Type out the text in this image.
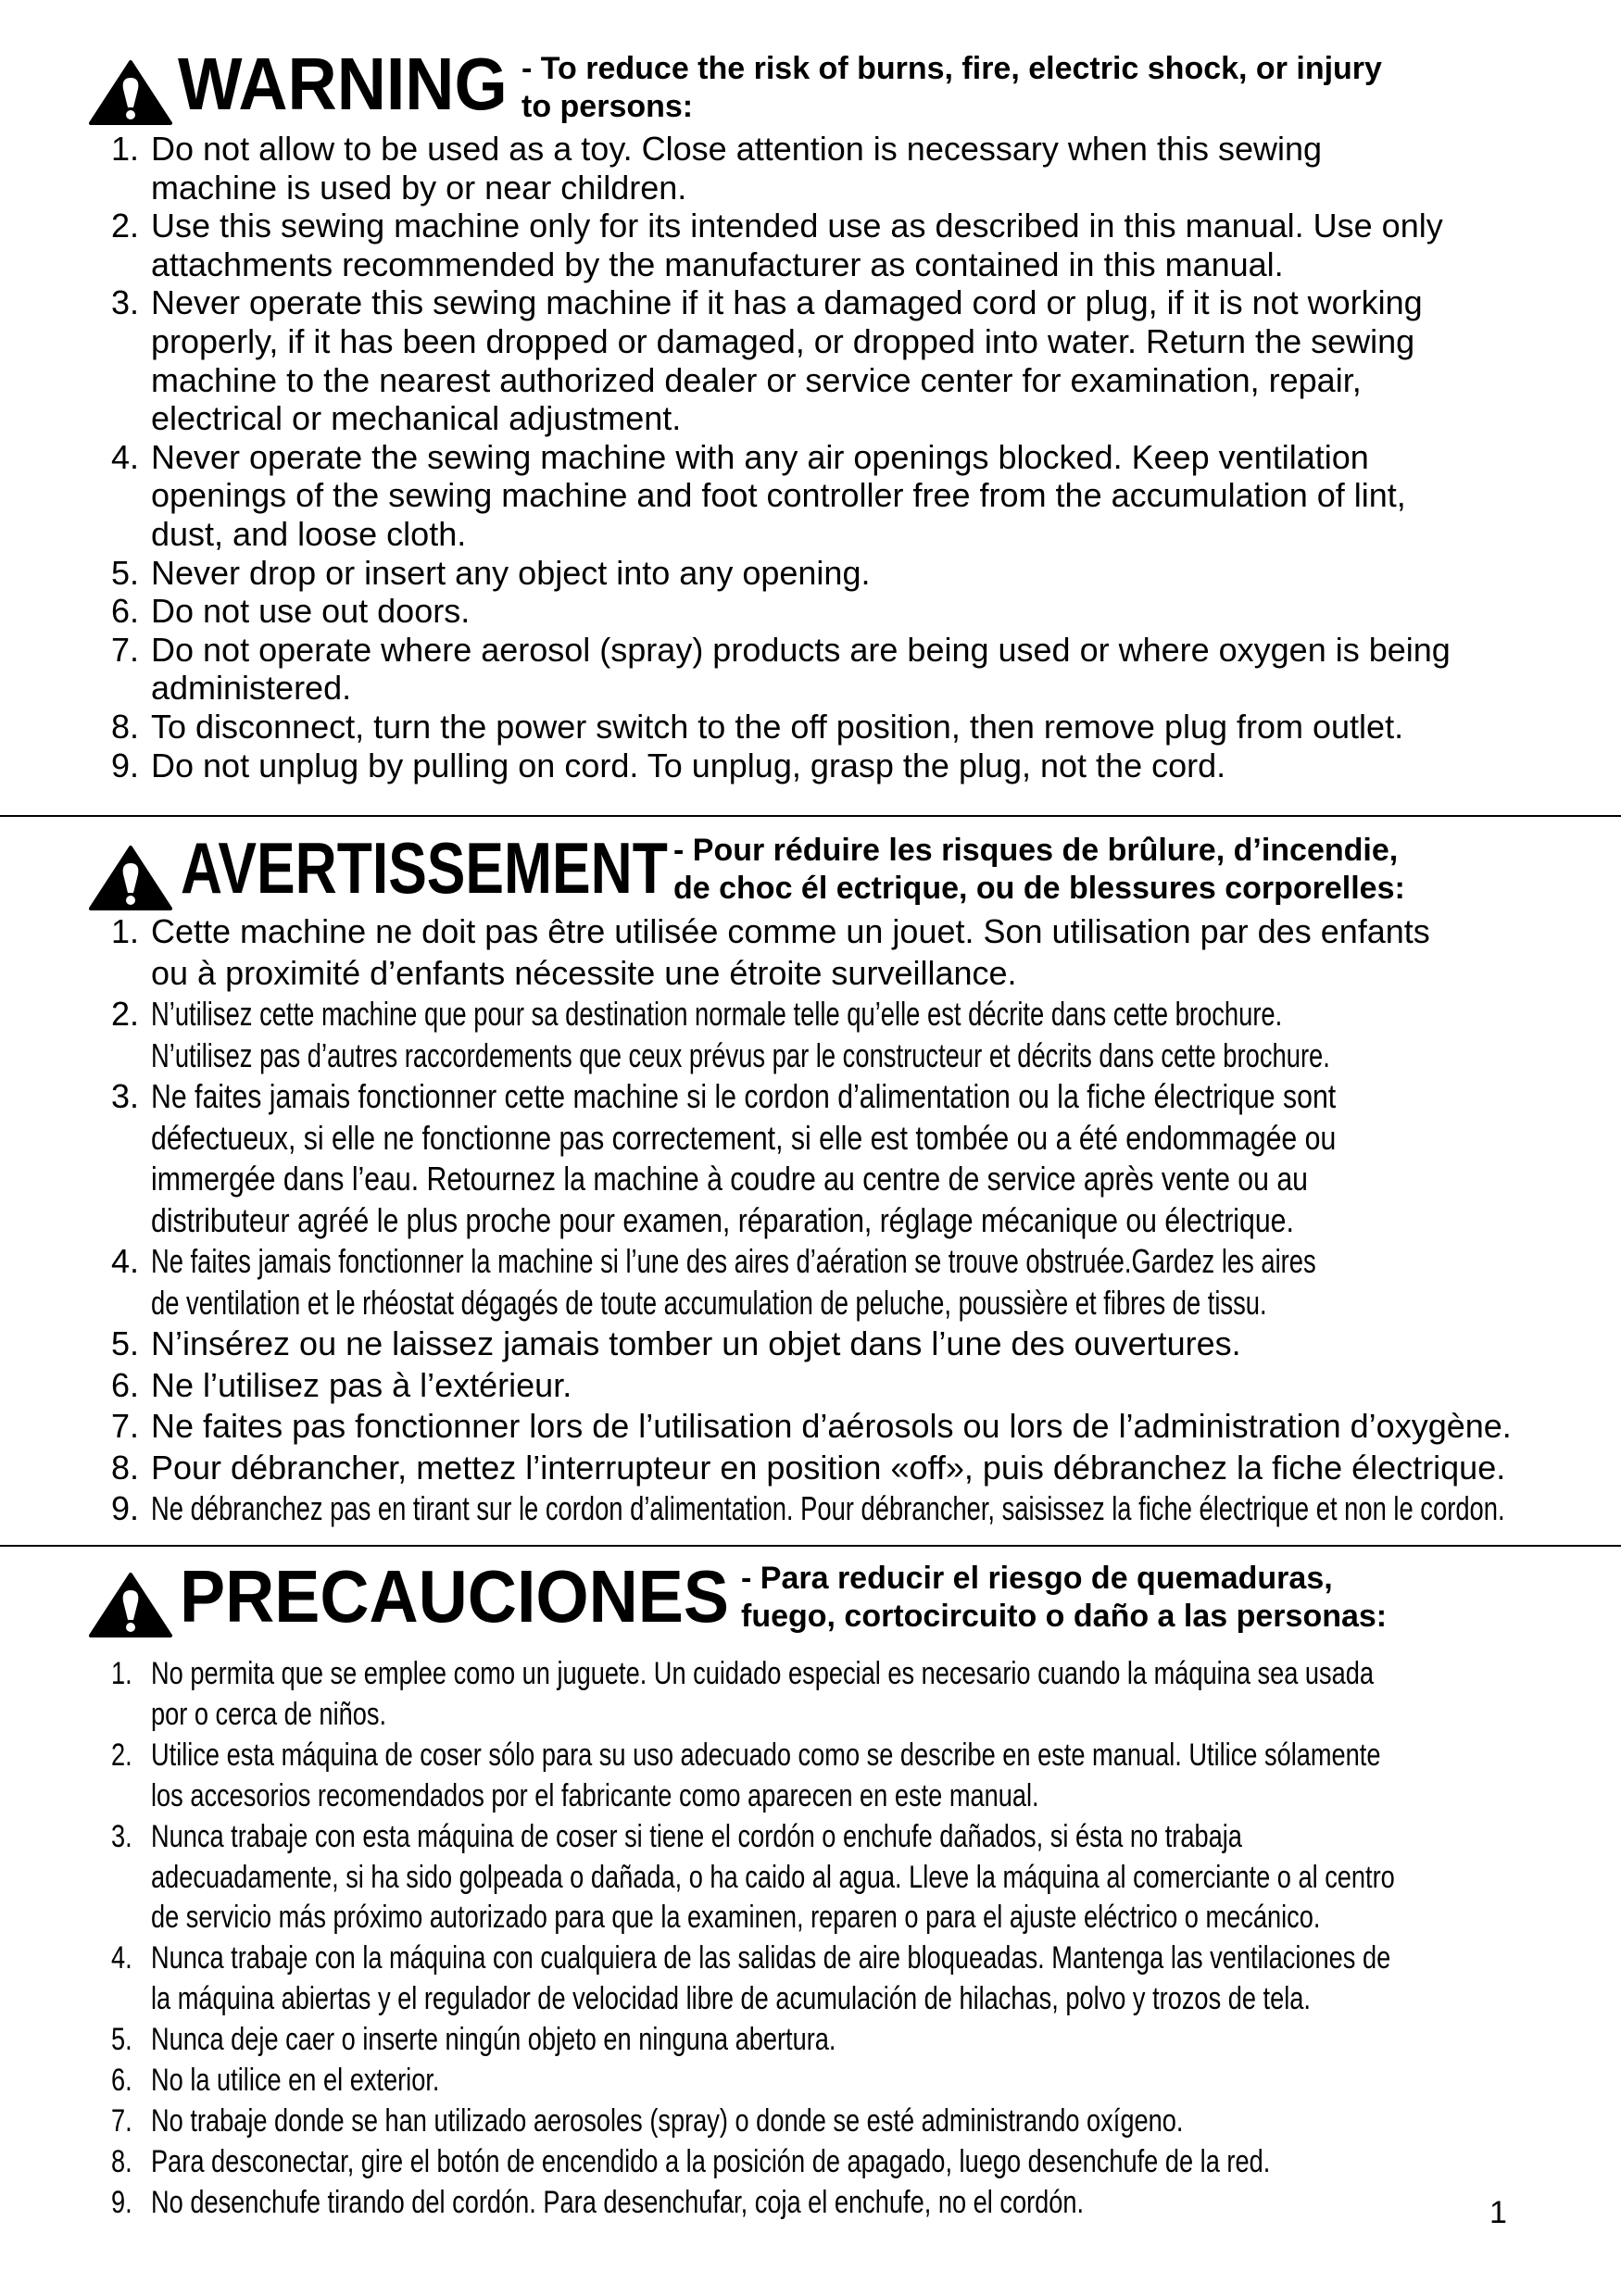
WARNING - To reduce the risk of burns, fire, electric shock, or injury
to persons:
1. Do not allow to be used as a toy. Close attention is necessary when this sewing
machine is used by or near children.
2. Use this sewing machine only for its intended use as described in this manual. Use only
attachments recommended by the manufacturer as contained in this manual.
3. Never operate this sewing machine if it has a damaged cord or plug, if it is not working
properly, if it has been dropped or damaged, or dropped into water. Return the sewing
machine to the nearest authorized dealer or service center for examination, repair,
electrical or mechanical adjustment.
4. Never operate the sewing machine with any air openings blocked. Keep ventilation
openings of the sewing machine and foot controller free from the accumulation of lint,
dust, and loose cloth.
5. Never drop or insert any object into any opening.
6. Do not use out doors.
7. Do not operate where aerosol (spray) products are being used or where oxygen is being
administered.
8. To disconnect, turn the power switch to the off position, then remove plug from outlet.
9. Do not unplug by pulling on cord. To unplug, grasp the plug, not the cord.
AVERTISSEMENT - Pour réduire les risques de brûlure, d’incendie,
de choc él ectrique, ou de blessures corporelles:
1. Cette machine ne doit pas être utilisée comme un jouet. Son utilisation par des enfants
ou à proximité d’enfants nécessite une étroite surveillance.
2. N’utilisez cette machine que pour sa destination normale telle qu’elle est décrite dans cette brochure.
N’utilisez pas d’autres raccordements que ceux prévus par le constructeur et décrits dans cette brochure.
3. Ne faites jamais fonctionner cette machine si le cordon d’alimentation ou la fiche électrique sont
défectueux, si elle ne fonctionne pas correctement, si elle est tombée ou a été endommagée ou
immergée dans l’eau. Retournez la machine à coudre au centre de service après vente ou au
distributeur agréé le plus proche pour examen, réparation, réglage mécanique ou électrique.
4. Ne faites jamais fonctionner la machine si l’une des aires d’aération se trouve obstruée.Gardez les aires
de ventilation et le rhéostat dégagés de toute accumulation de peluche, poussière et fibres de tissu.
5. N’insérez ou ne laissez jamais tomber un objet dans l’une des ouvertures.
6. Ne l’utilisez pas à l’extérieur.
7. Ne faites pas fonctionner lors de l’utilisation d’aérosols ou lors de l’administration d’oxygène.
8. Pour débrancher, mettez l’interrupteur en position «off», puis débranchez la fiche électrique.
9. Ne débranchez pas en tirant sur le cordon d’alimentation. Pour débrancher, saisissez la fiche électrique et non le cordon.
PRECAUCIONES - Para reducir el riesgo de quemaduras,
fuego, cortocircuito o daño a las personas:
1. No permita que se emplee como un juguete. Un cuidado especial es necesario cuando la máquina sea usada
por o cerca de niños.
2. Utilice esta máquina de coser sólo para su uso adecuado como se describe en este manual. Utilice sólamente
los accesorios recomendados por el fabricante como aparecen en este manual.
3. Nunca trabaje con esta máquina de coser si tiene el cordón o enchufe dañados, si ésta no trabaja
adecuadamente, si ha sido golpeada o dañada, o ha caido al agua. Lleve la máquina al comerciante o al centro
de servicio más próximo autorizado para que la examinen, reparen o para el ajuste eléctrico o mecánico.
4. Nunca trabaje con la máquina con cualquiera de las salidas de aire bloqueadas. Mantenga las ventilaciones de
la máquina abiertas y el regulador de velocidad libre de acumulación de hilachas, polvo y trozos de tela.
5. Nunca deje caer o inserte ningún objeto en ninguna abertura.
6. No la utilice en el exterior.
7. No trabaje donde se han utilizado aerosoles (spray) o donde se esté administrando oxígeno.
8. Para desconectar, gire el botón de encendido a la posición de apagado, luego desenchufe de la red.
9. No desenchufe tirando del cordón. Para desenchufar, coja el enchufe, no el cordón.	1
